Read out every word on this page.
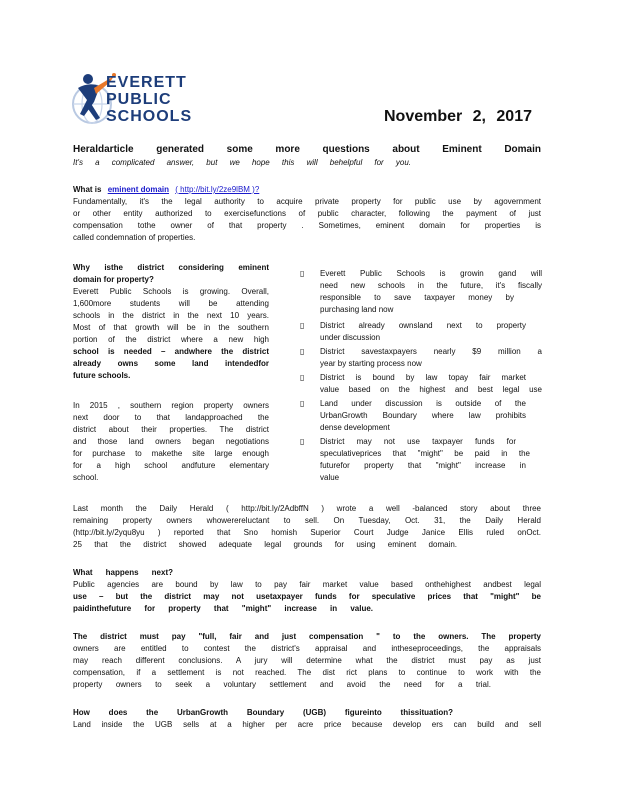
EVERETT
PUBLIC
SCHOOLS	November 2, 2017
Heraldarticle generated some more questions about Eminent Domain
It's a complicated answer, but we hope this will behelpful for you.
What is eminent domain ( http://bit.ly/2ze9lBM )?
Fundamentally, it's the legal authority to acquire private property for public use by agovernment
or other entity authorized to exercisefunctions of public character, following the payment of just
compensation tothe owner of that property . Sometimes, eminent domain for properties is
called condemnation of properties.
Why isthe district considering eminent
domain for property?
Everett Public Schools is growing. Overall,
1,600more students will be attending
schools in the district in the next 10 years.
Most of that growth will be in the southern
portion of the district where a new high
school is needed – andwhere the district
already owns some land intendedfor
future schools.
In 2015 , southern region property owners
next door to that landapproached the
district about their properties. The district
and those land owners began negotiations
for purchase to makethe site large enough
for a high school andfuture elementary
school.
▯ Everett Public Schools is growin gand will
need new schools in the future, it's fiscally
responsible to save taxpayer money by
purchasing land now
▯ District already ownsland next to property
under discussion
▯ District savestaxpayers nearly $9 million a
year by starting process now
▯ District is bound by law topay fair market
value based on the highest and best legal use
▯ Land under discussion is outside of the
UrbanGrowth Boundary where law prohibits
dense development
▯ District may not use taxpayer funds for
speculativeprices that "might" be paid in the
futurefor property that "might" increase in
value
Last month the Daily Herald ( http://bit.ly/2AdbffN ) wrote a well -balanced story about three
remaining property owners whowerereluctant to sell. On Tuesday, Oct. 31, the Daily Herald
(http://bit.ly/2yqu8yu ) reported that Sno homish Superior Court Judge Janice Ellis ruled onOct.
25 that the district showed adequate legal grounds for using eminent domain.
What happens next?
Public agencies are bound by law to pay fair market value based onthehighest andbest legal
use – but the district may not usetaxpayer funds for speculative prices that "might" be
paidinthefuture for property that "might" increase in value.
The district must pay "full, fair and just compensation " to the owners. The property
owners are entitled to contest the district's appraisal and intheseproceedings, the appraisals
may reach different conclusions. A jury will determine what the district must pay as just
compensation, if a settlement is not reached. The dist rict plans to continue to work with the
property owners to seek a voluntary settlement and avoid the need for a trial.
How does the UrbanGrowth Boundary (UGB) figureinto thissituation?
Land inside the UGB sells at a higher per acre price because develop ers can build and sell
